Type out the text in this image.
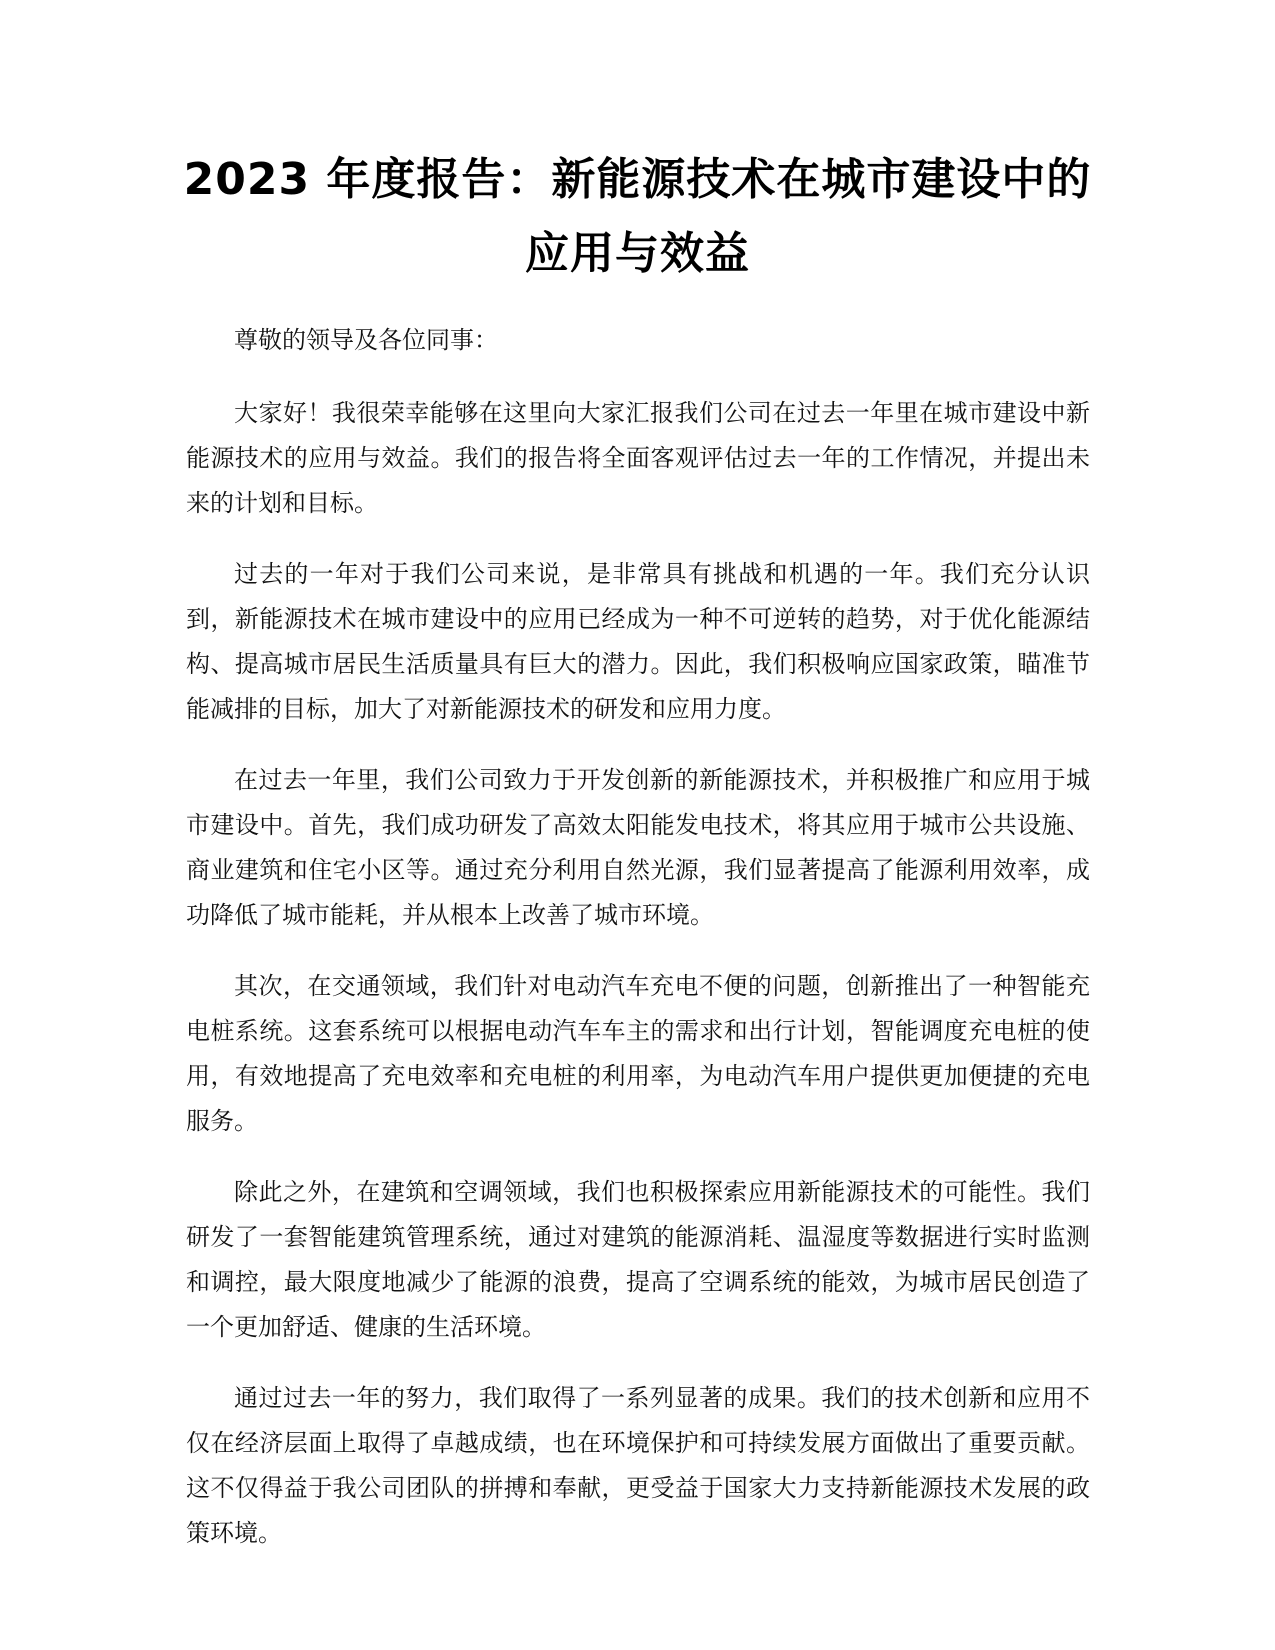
2023 年度报告：新能源技术在城市建设中的
应用与效益

尊敬的领导及各位同事：

大家好！我很荣幸能够在这里向大家汇报我们公司在过去一年里在城市建设中新能源技术的应用与效益。我们的报告将全面客观评估过去一年的工作情况，并提出未来的计划和目标。

过去的一年对于我们公司来说，是非常具有挑战和机遇的一年。我们充分认识到，新能源技术在城市建设中的应用已经成为一种不可逆转的趋势，对于优化能源结构、提高城市居民生活质量具有巨大的潜力。因此，我们积极响应国家政策，瞄准节能减排的目标，加大了对新能源技术的研发和应用力度。

在过去一年里，我们公司致力于开发创新的新能源技术，并积极推广和应用于城市建设中。首先，我们成功研发了高效太阳能发电技术，将其应用于城市公共设施、商业建筑和住宅小区等。通过充分利用自然光源，我们显著提高了能源利用效率，成功降低了城市能耗，并从根本上改善了城市环境。

其次，在交通领域，我们针对电动汽车充电不便的问题，创新推出了一种智能充电桩系统。这套系统可以根据电动汽车车主的需求和出行计划，智能调度充电桩的使用，有效地提高了充电效率和充电桩的利用率，为电动汽车用户提供更加便捷的充电服务。

除此之外，在建筑和空调领域，我们也积极探索应用新能源技术的可能性。我们研发了一套智能建筑管理系统，通过对建筑的能源消耗、温湿度等数据进行实时监测和调控，最大限度地减少了能源的浪费，提高了空调系统的能效，为城市居民创造了一个更加舒适、健康的生活环境。

通过过去一年的努力，我们取得了一系列显著的成果。我们的技术创新和应用不仅在经济层面上取得了卓越成绩，也在环境保护和可持续发展方面做出了重要贡献。这不仅得益于我公司团队的拼搏和奉献，更受益于国家大力支持新能源技术发展的政策环境。
